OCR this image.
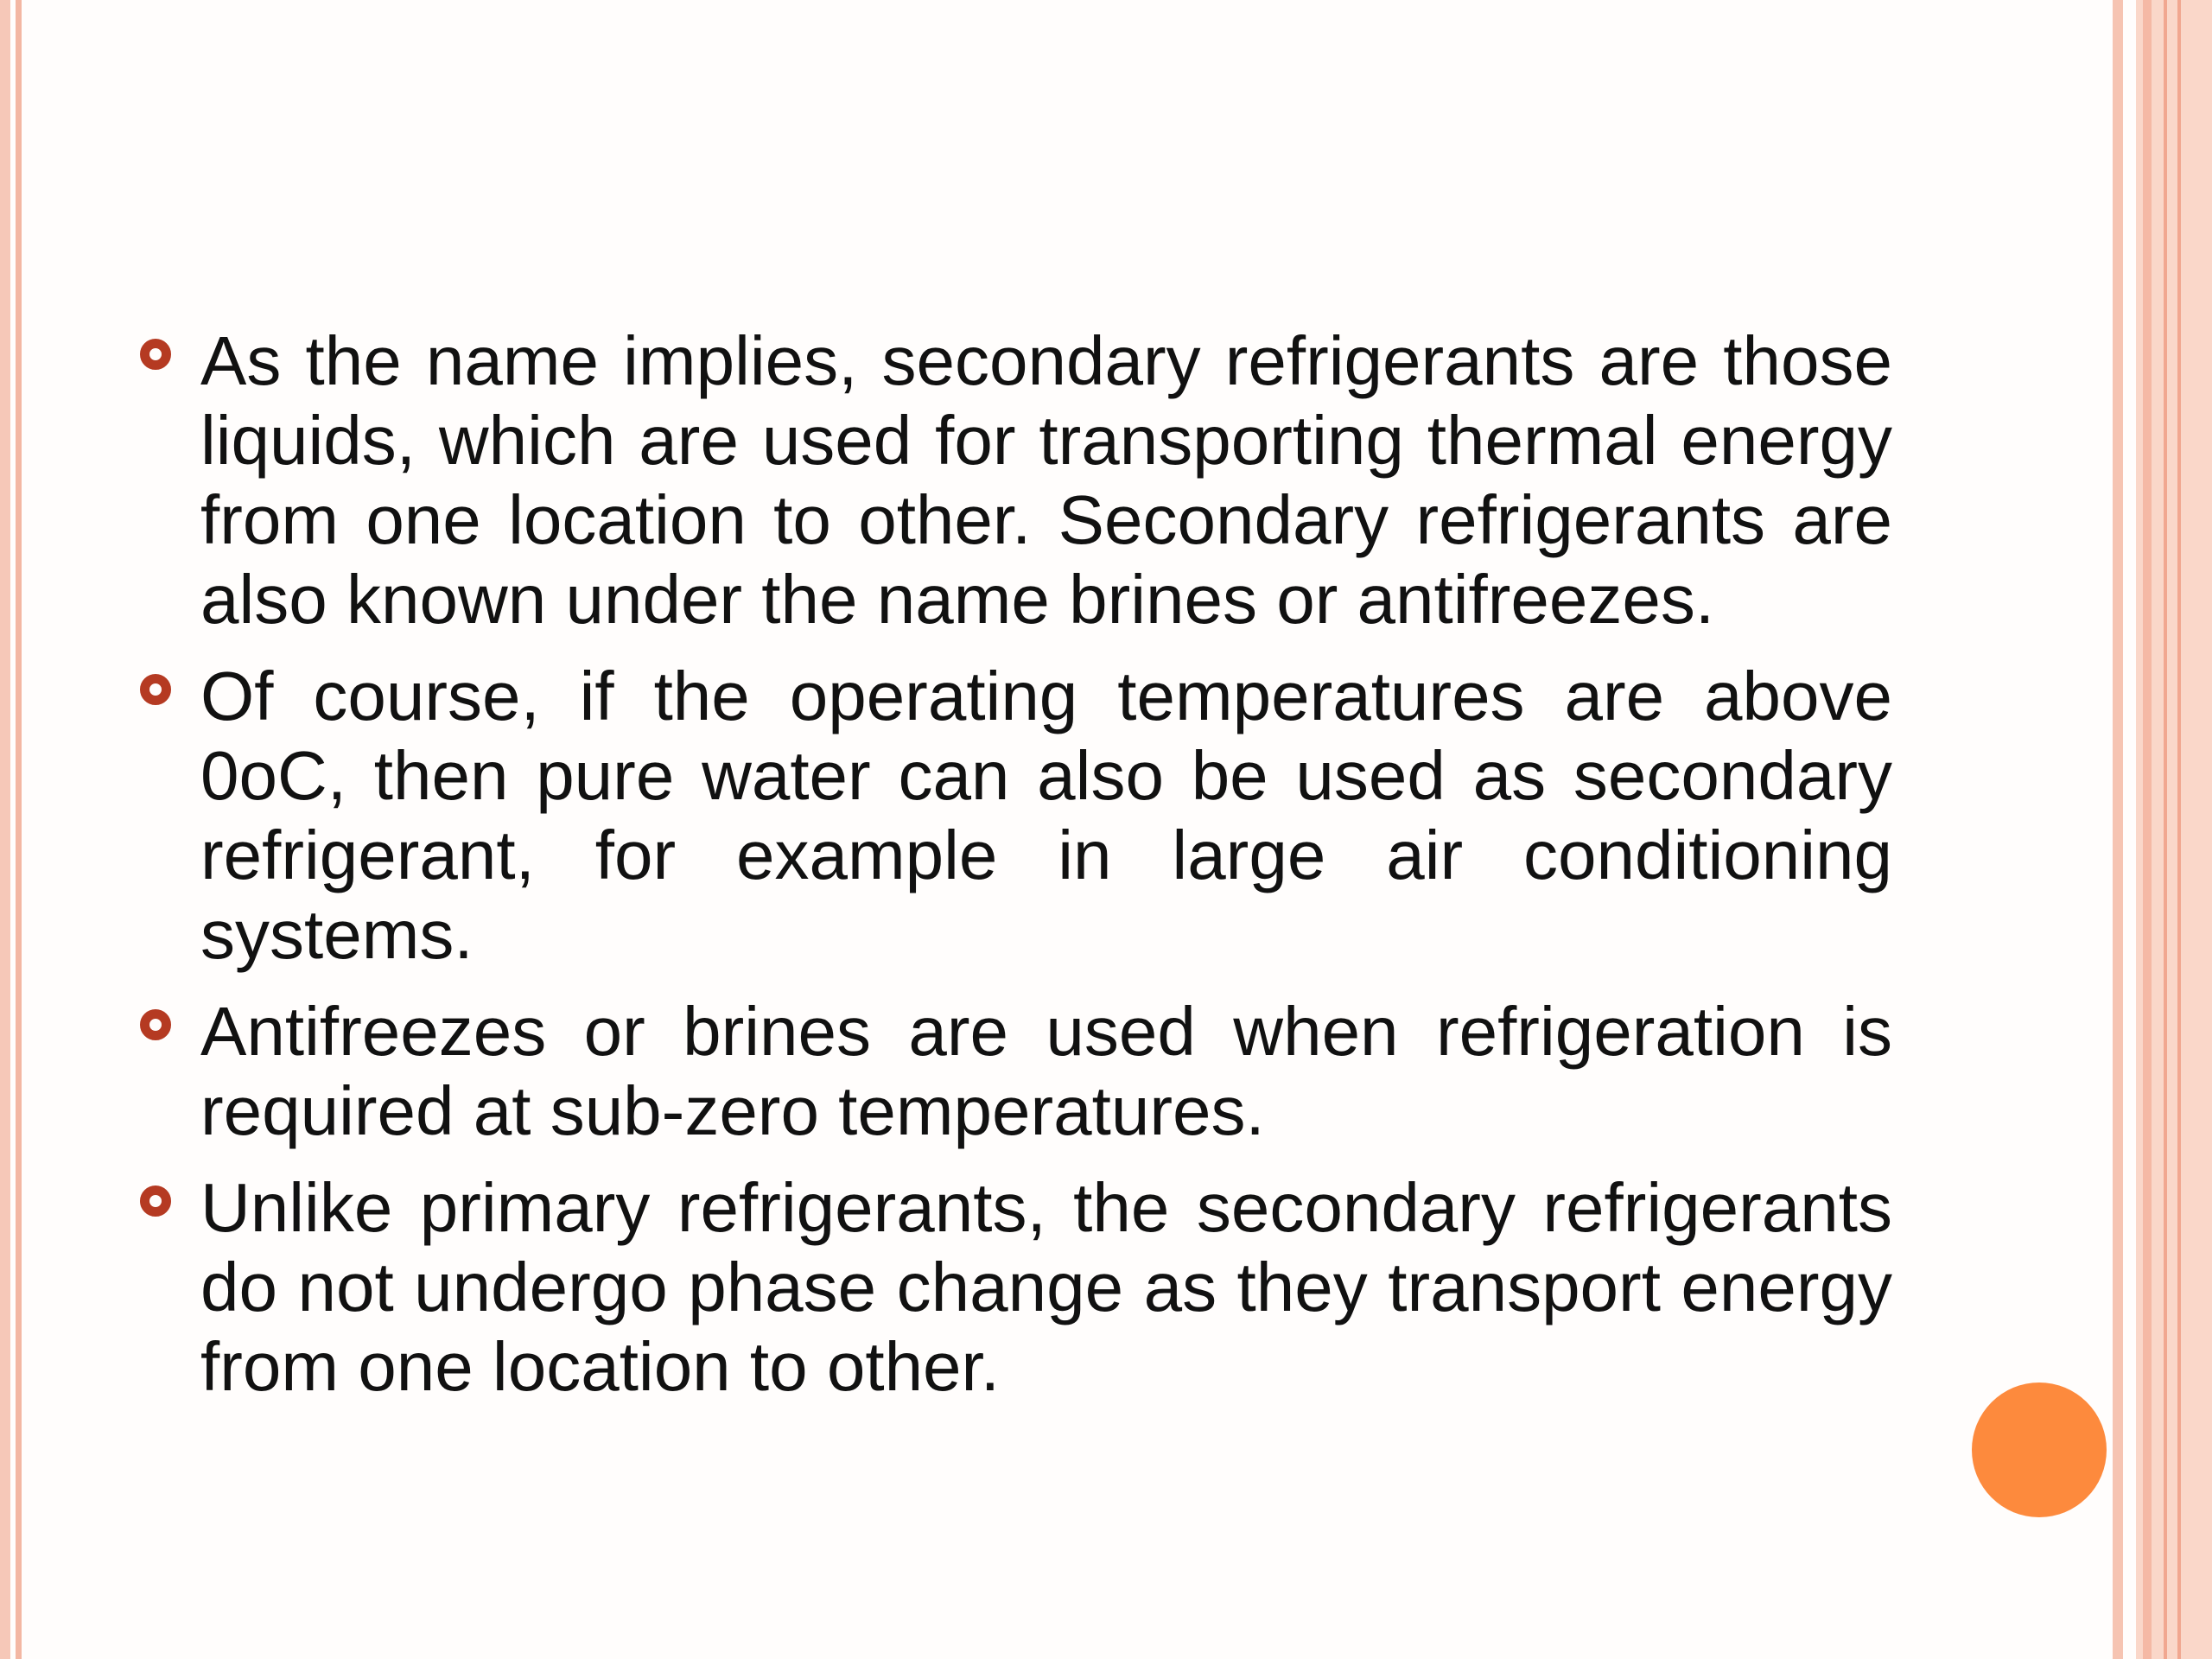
As the name implies, secondary refrigerants are those liquids, which are used for transporting thermal energy from one location to other. Secondary refrigerants are also known under the name brines or antifreezes.
Of course, if the operating temperatures are above 0oC, then pure water can also be used as secondary refrigerant, for example in large air conditioning systems.
Antifreezes or brines are used when refrigeration is required at sub-zero temperatures.
Unlike primary refrigerants, the secondary refrigerants do not undergo phase change as they transport energy from one location to other.
